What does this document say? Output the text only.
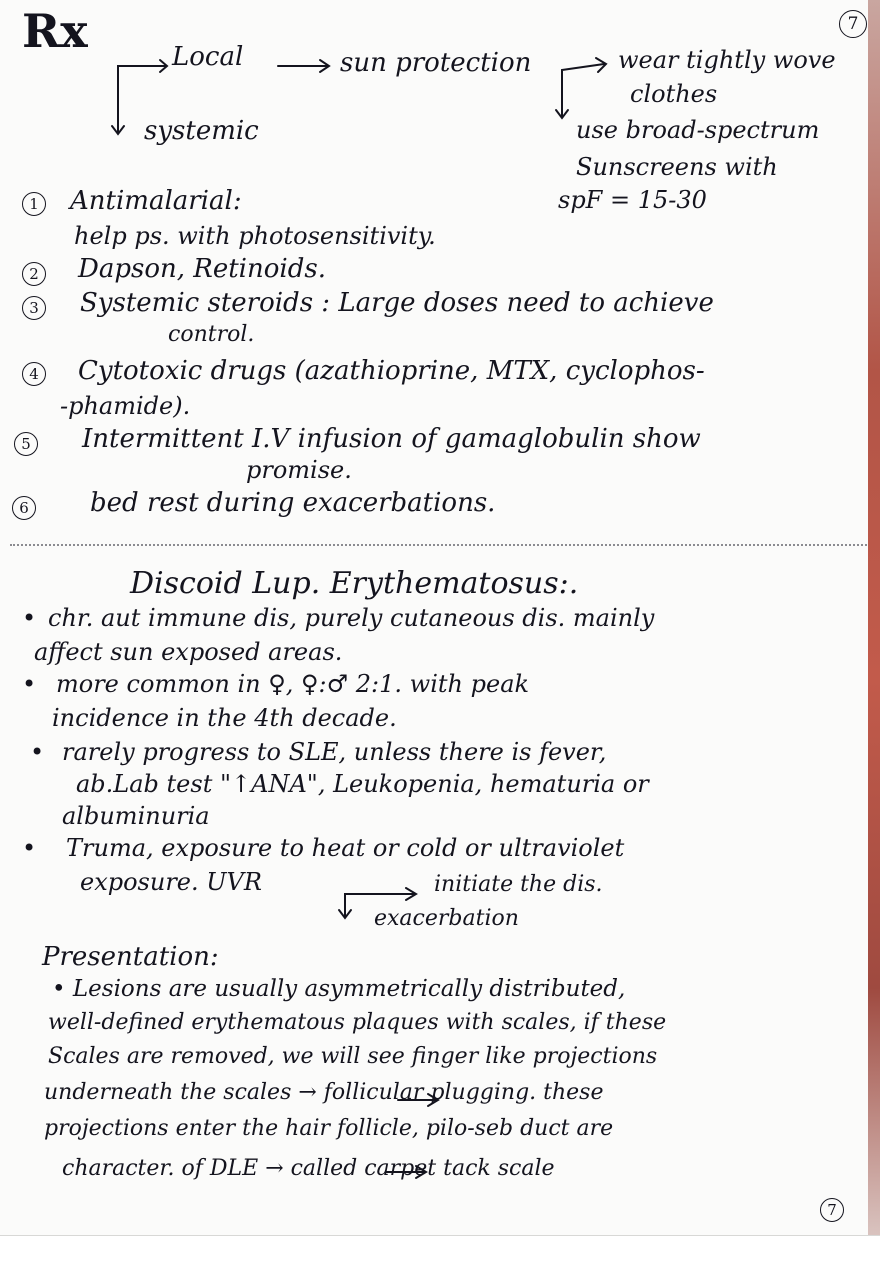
7
Rx	Local	sun protection	wear tightly wove
clothes
use broad-spectrum
Sunscreens with
spF = 15-30
systemic
1 Antimalarial:
help ps. with photosensitivity.
2 Dapson, Retinoids.
3 Systemic steroids : Large doses need to achieve
control.
4 Cytotoxic drugs (azathioprine, MTX, cyclophos-
-phamide).
5 Intermittent I.V infusion of gamaglobulin show
promise.
6 bed rest during exacerbations.
Discoid Lup. Erythematosus:.
• chr. aut immune dis, purely cutaneous dis. mainly
affect sun exposed areas.
• more common in ♀, ♀:♂ 2:1. with peak
incidence in the 4th decade.
• rarely progress to SLE, unless there is fever,
ab.Lab test "↑ANA", Leukopenia, hematuria or
albuminuria
• Truma, exposure to heat or cold or ultraviolet
exposure. UVR	initiate the dis.
exacerbation
Presentation:
• Lesions are usually asymmetrically distributed,
well-defined erythematous plaques with scales, if these
Scales are removed, we will see finger like projections
underneath the scales → follicular plugging. these
projections enter the hair follicle, pilo-seb duct are
character. of DLE → called carpet tack scale
7
